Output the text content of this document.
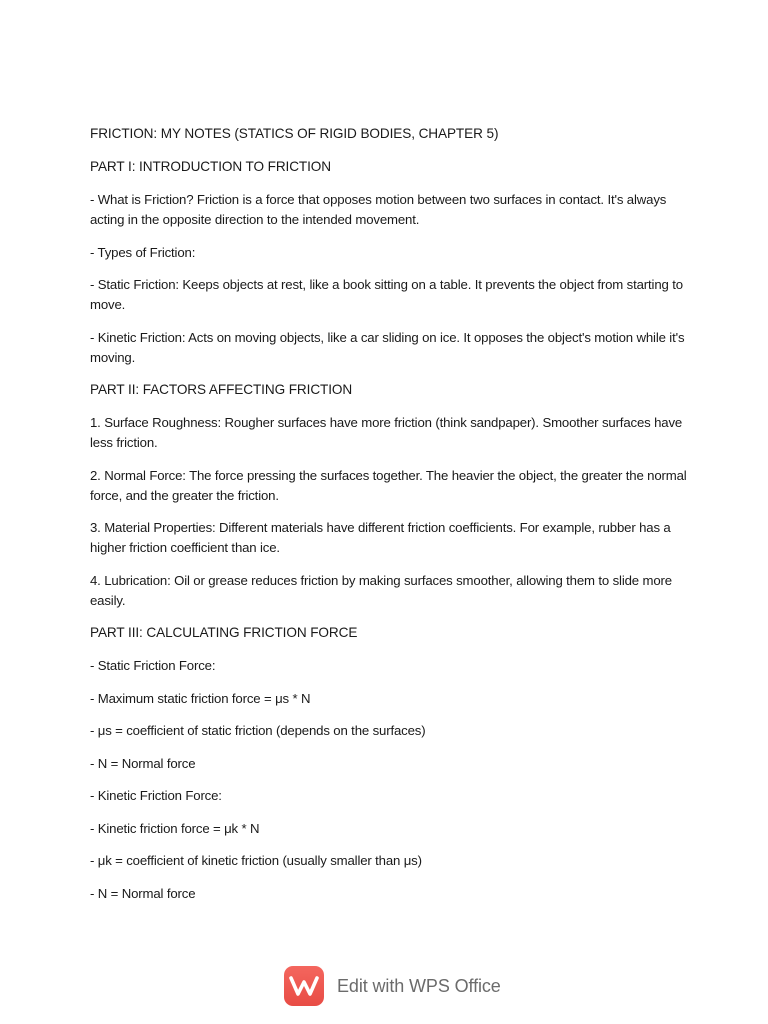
FRICTION: MY NOTES (STATICS OF RIGID BODIES, CHAPTER 5)
PART I: INTRODUCTION TO FRICTION

- What is Friction? Friction is a force that opposes motion between two surfaces in contact. It's always acting in the opposite direction to the intended movement.

- Types of Friction:

- Static Friction: Keeps objects at rest, like a book sitting on a table. It prevents the object from starting to move.

- Kinetic Friction: Acts on moving objects, like a car sliding on ice. It opposes the object's motion while it's moving.

PART II: FACTORS AFFECTING FRICTION

1. Surface Roughness: Rougher surfaces have more friction (think sandpaper). Smoother surfaces have less friction.

2. Normal Force: The force pressing the surfaces together. The heavier the object, the greater the normal force, and the greater the friction.

3. Material Properties: Different materials have different friction coefficients. For example, rubber has a higher friction coefficient than ice.

4. Lubrication: Oil or grease reduces friction by making surfaces smoother, allowing them to slide more easily.

PART III: CALCULATING FRICTION FORCE

- Static Friction Force:

- Maximum static friction force = μs * N

- μs = coefficient of static friction (depends on the surfaces)

- N = Normal force

- Kinetic Friction Force:

- Kinetic friction force = μk * N

- μk = coefficient of kinetic friction (usually smaller than μs)

- N = Normal force

Edit with WPS Office
